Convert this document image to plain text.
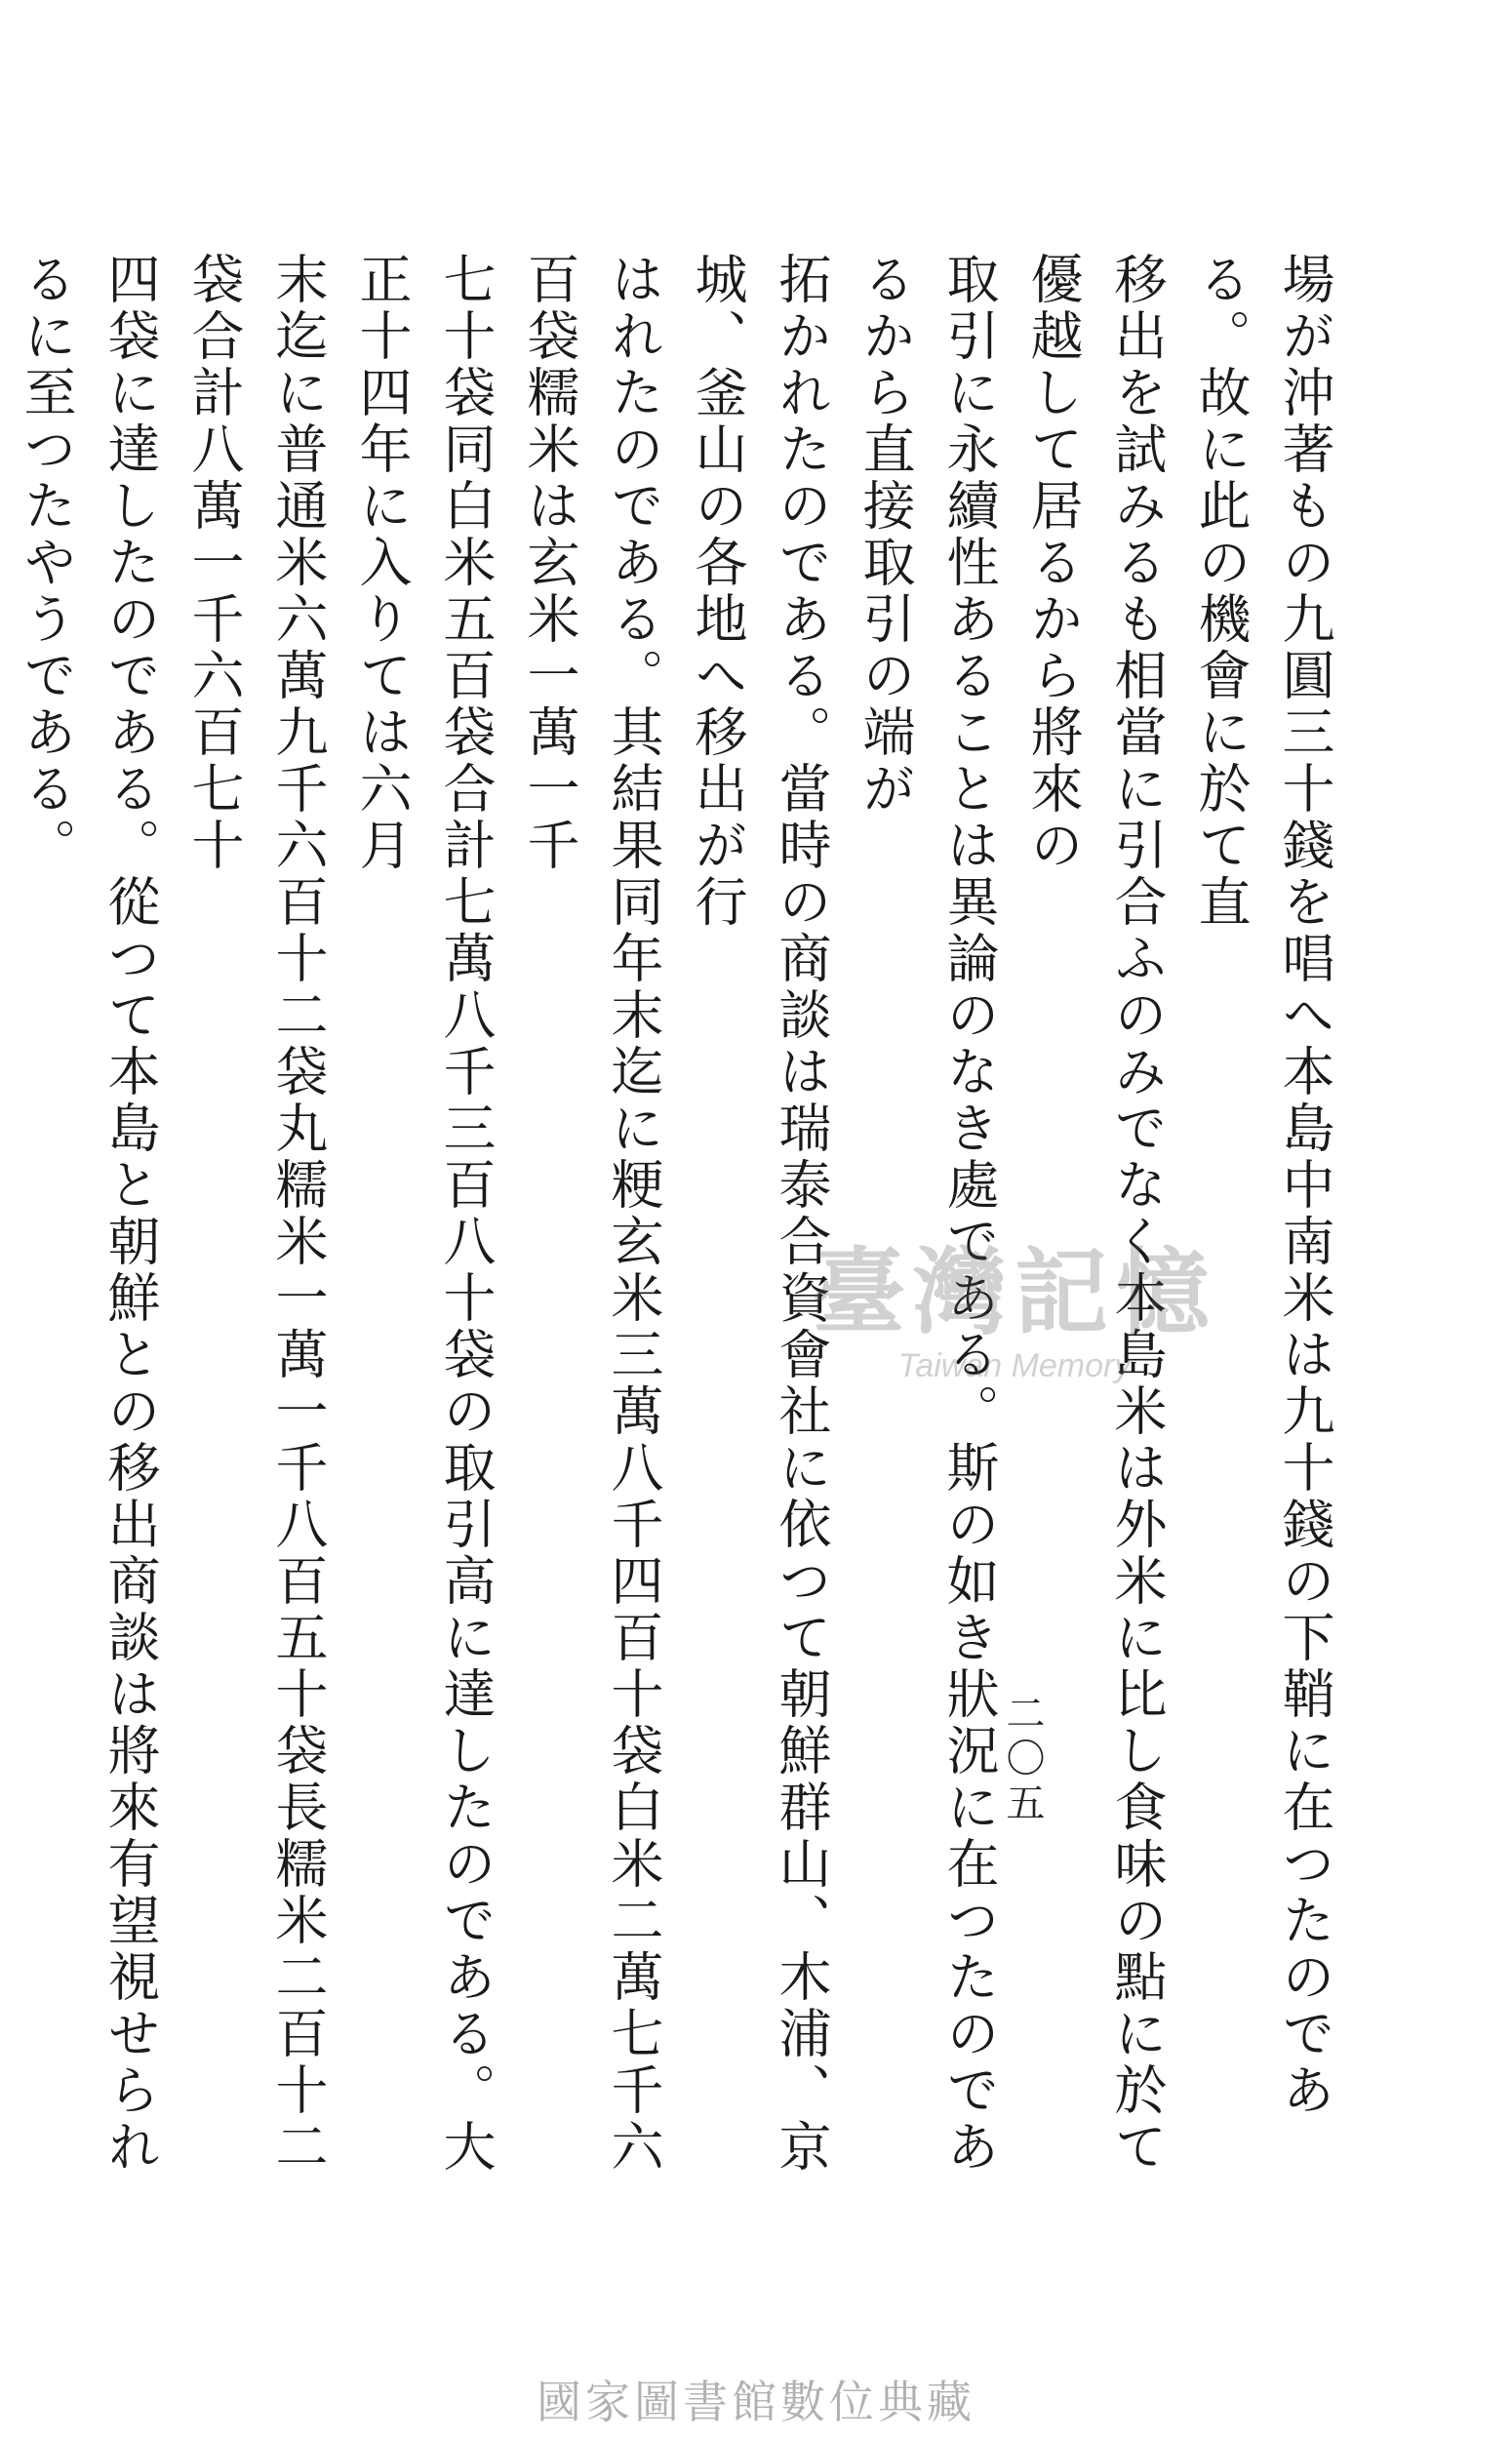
場が沖著もの九圓三十錢を唱へ本島中南米は九十錢の下鞘に在つたのである。故に此の機會に於て直
移出を試みるも相當に引合ふのみでなく本島米は外米に比し食味の點に於て優越して居るから將來の
取引に永續性あることは異論のなき處である。斯の如き狀況に在つたのであるから直接取引の端が
拓かれたのである。當時の商談は瑞泰合資會社に依つて朝鮮群山、木浦、京城、釜山の各地へ移出が行
はれたのである。其結果同年末迄に粳玄米三萬八千四百十袋白米二萬七千六百袋糯米は玄米一萬一千
七十袋同白米五百袋合計七萬八千三百八十袋の取引高に達したのである。大正十四年に入りては六月
末迄に普通米六萬九千六百十二袋丸糯米一萬一千八百五十袋長糯米二百十二袋合計八萬一千六百七十
四袋に達したのである。從つて本島と朝鮮との移出商談は將來有望視せられるに至つたやうである。
二〇五
臺灣記憶
Taiwan Memory
國家圖書館數位典藏
